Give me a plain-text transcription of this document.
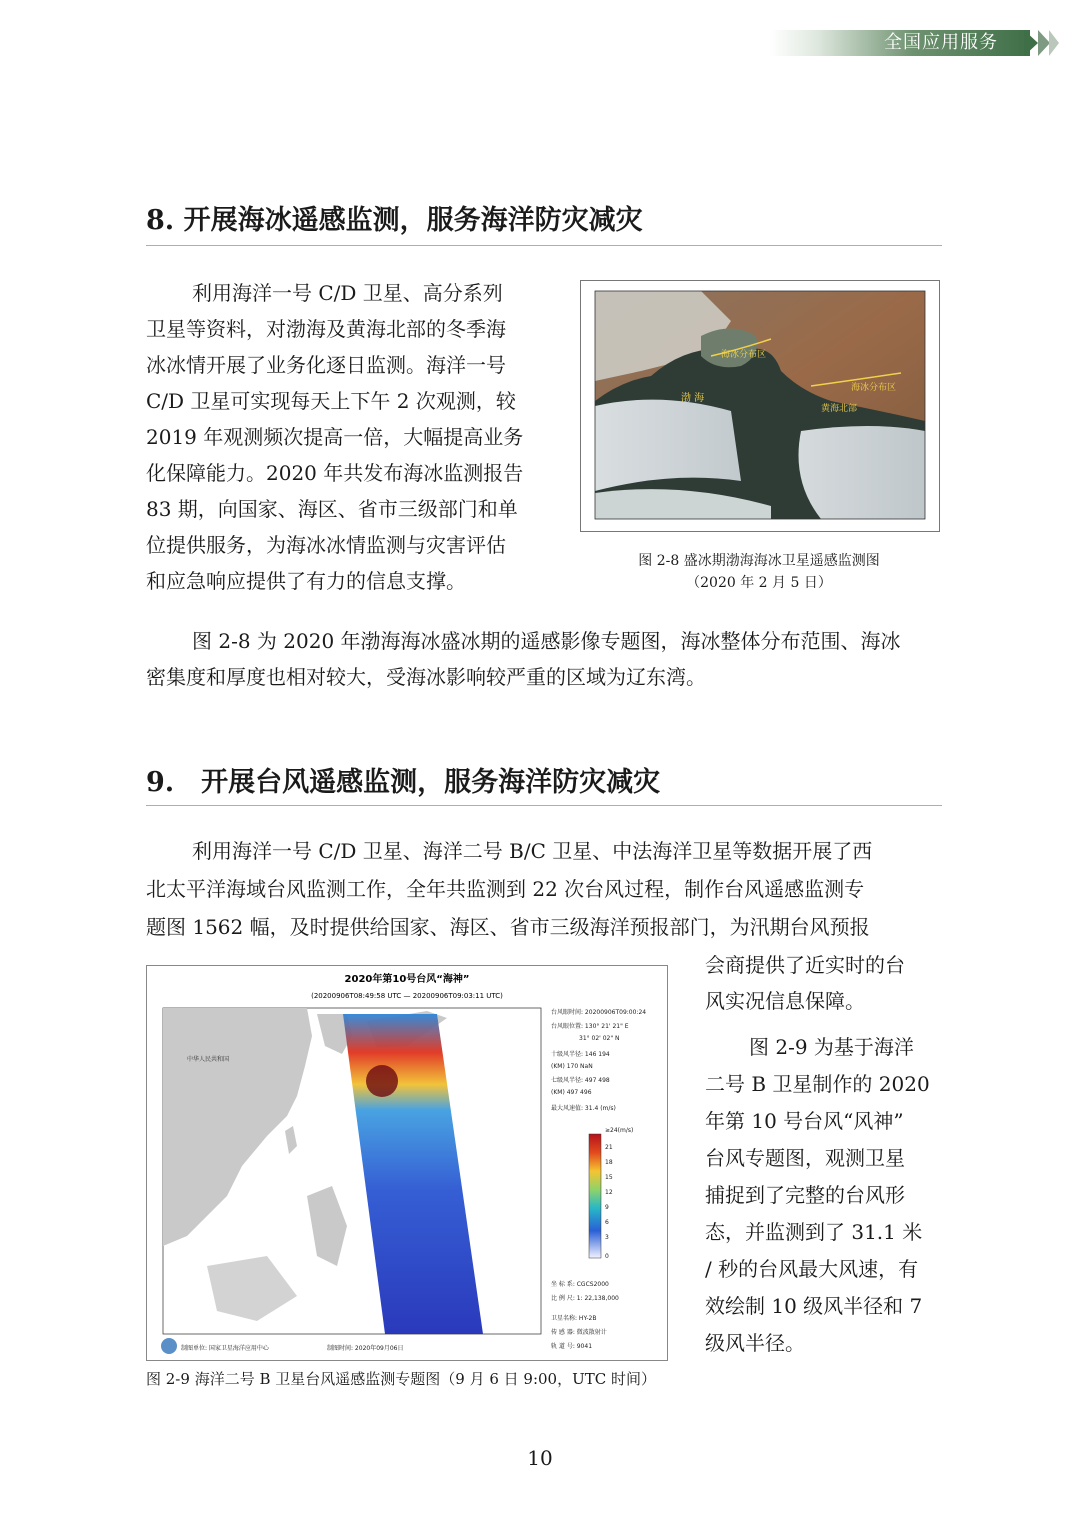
全国应用服务
8. 开展海冰遥感监测，服务海洋防灾减灾

利用海洋一号 C/D 卫星、高分系列

卫星等资料，对渤海及黄海北部的冬季海

冰冰情开展了业务化逐日监测。海洋一号

C/D 卫星可实现每天上下午 2 次观测，较

2019 年观测频次提高一倍，大幅提高业务

化保障能力。2020 年共发布海冰监测报告

83 期，向国家、海区、省市三级部门和单

位提供服务，为海冰冰情监测与灾害评估

和应急响应提供了有力的信息支撑。

海冰分布区
海冰分布区
渤 海
黄海北部
图 2-8 盛冰期渤海海冰卫星遥感监测图
（2020 年 2 月 5 日）

图 2-8 为 2020 年渤海海冰盛冰期的遥感影像专题图，海冰整体分布范围、海冰

密集度和厚度也相对较大，受海冰影响较严重的区域为辽东湾。

9.　开展台风遥感监测，服务海洋防灾减灾

利用海洋一号 C/D 卫星、海洋二号 B/C 卫星、中法海洋卫星等数据开展了西

北太平洋海域台风监测工作，全年共监测到 22 次台风过程，制作台风遥感监测专

题图 1562 幅，及时提供给国家、海区、省市三级海洋预报部门，为汛期台风预报

会商提供了近实时的台

风实况信息保障。

图 2-9 为基于海洋

二号 B 卫星制作的 2020

年第 10 号台风“风神”

台风专题图，观测卫星

捕捉到了完整的台风形

态，并监测到了 31.1 米

/ 秒的台风最大风速，有

效绘制 10 级风半径和 7

级风半径。

2020年第10号台风“海神”
(20200906T08:49:58 UTC — 20200906T09:03:11 UTC)
中华人民共和国
台风眼时间: 20200906T09:00:24
台风眼位置: 130° 21' 21" E
31° 02' 02" N
十级风半径: 146 194
(KM) 170 NaN
七级风半径: 497 498
(KM) 497 496
最大风速值: 31.4 (m/s)
≥24(m/s)
21
18
15
12
9
6
3
0
坐 标 系: CGCS2000
比 例 尺: 1: 22,138,000
卫星名称: HY-2B
传 感 器: 微波散射计
轨 道 号: 9041
制图单位: 国家卫星海洋应用中心	制图时间: 2020年09月06日
图 2-9 海洋二号 B 卫星台风遥感监测专题图（9 月 6 日 9:00，UTC 时间）
10
